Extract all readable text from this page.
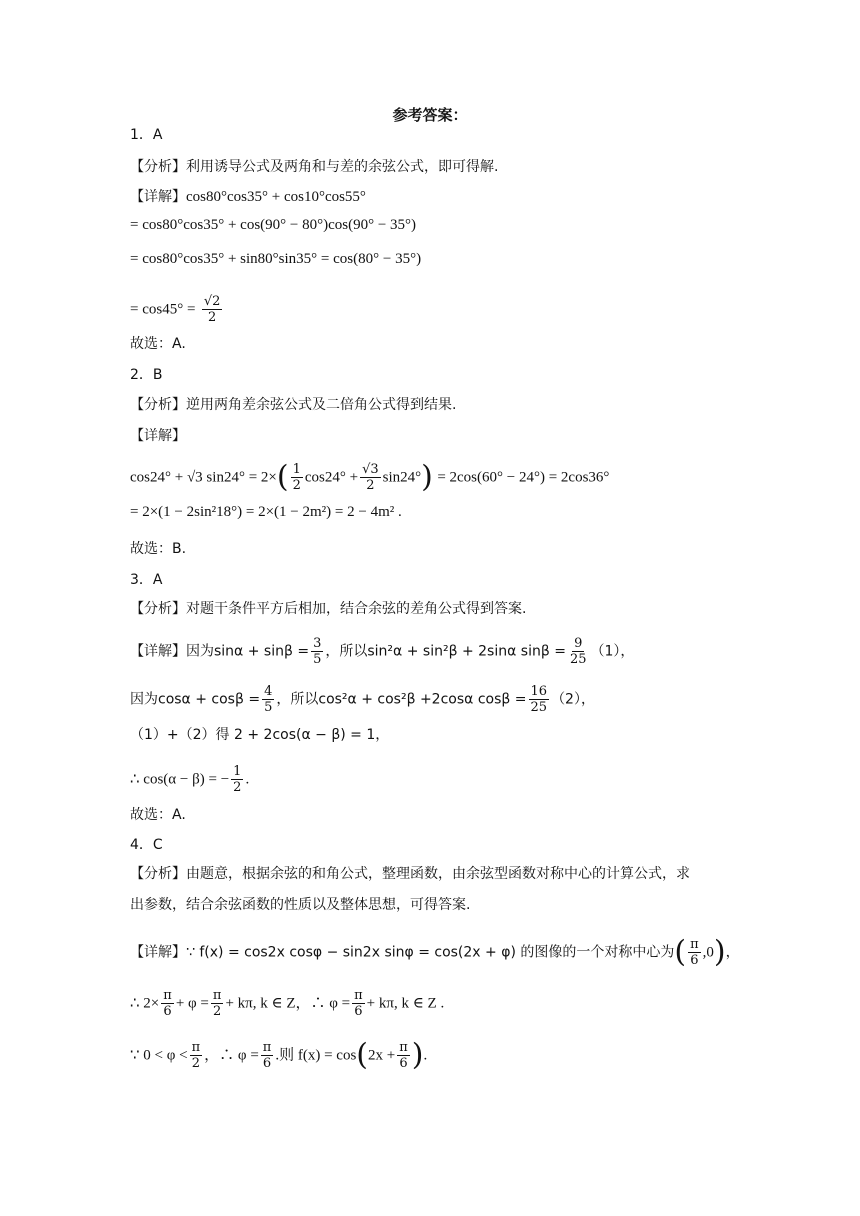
参考答案：
1．A
【分析】利用诱导公式及两角和与差的余弦公式，即可得解.
【详解】cos80°cos35° + cos10°cos55°
= cos80°cos35° + cos(90° − 80°)cos(90° − 35°)
= cos80°cos35° + sin80°sin35° = cos(80° − 35°)
= $\cos 45^\circ = \frac{√2}{2}$
故选：A.
2．B
【分析】逆用两角差余弦公式及二倍角公式得到结果.
【详解】
cos24° + √3 $\sin 24^\circ = 2\times( \frac{1}{2} \cos 24^\circ + \frac{√3}{2} \sin 24^\circ) = 2\cos(60^\circ - 24^\circ) = 2\cos 36^\circ$
= 2×(1 − 2sin²18°) = 2×(1 − 2m²) = 2 − 4m² .
故选：B.
3．A
【分析】对题干条件平方后相加，结合余弦的差角公式得到答案.
【详解】因为$\sin\alpha + \sin\beta = \frac{3}{5}$ ，所以sin²α + sin²β + 2sinα $\sin\beta = \frac{9}{25} (1)$，
因为$\cos\alpha + \cos\beta = \frac{4}{5}$ ，所以cos²α + cos²β +2cosα $\cos\beta = \frac{16}{25} (2)$，
（1）+（2）得 2 + 2cos(α − β) = 1，
∴ cos(α − β) = − $\frac{1}{2}$ .
故选：A.
4．C
【分析】由题意，根据余弦的和角公式，整理函数，由余弦型函数对称中心的计算公式，求
出参数，结合余弦函数的性质以及整体思想，可得答案.
【详解】∵ f(x) = cos2x cosφ − sin2x sinφ = cos(2x + φ) 的图像的一个对称中心为( $\frac{\pi}{6} ,0$)，
∴ $2\times \frac{\pi}{6} + \varphi = \frac{\pi}{2} + k\pi$, k ∈ Z，∴ $\varphi = \frac{\pi}{6} + k\pi$, k ∈ Z .
∵ $0 < \varphi < \frac{\pi}{2}$ ，∴ $\varphi = \frac{\pi}{6}$ .则 $f(x) = \cos(2x + \frac{\pi}{6}$ ).
